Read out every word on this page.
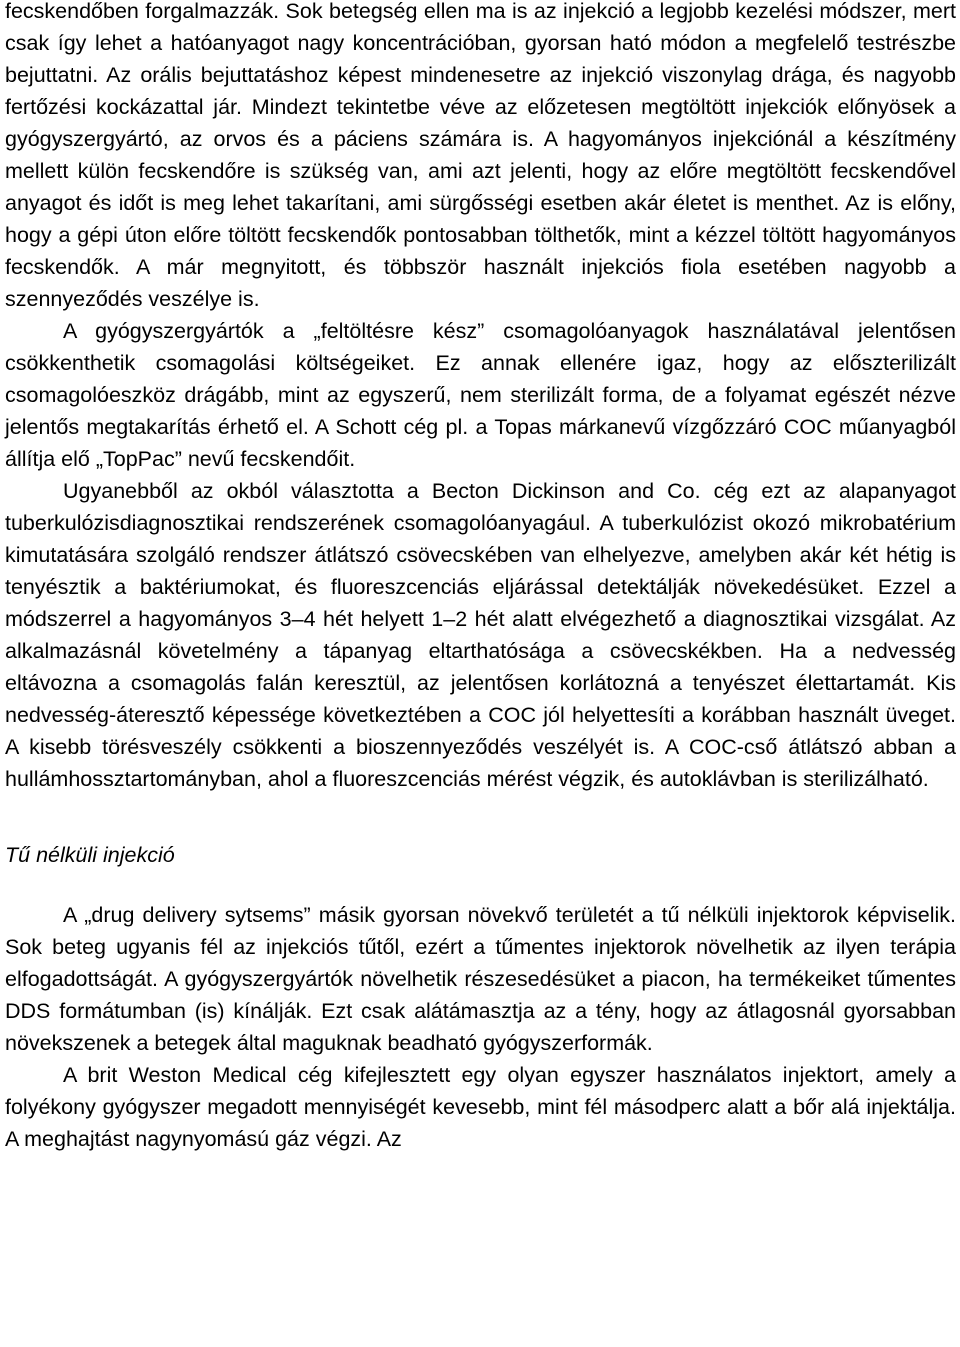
fecskendőben forgalmazzák. Sok betegség ellen ma is az injekció a legjobb kezelési módszer, mert csak így lehet a hatóanyagot nagy koncentrációban, gyorsan ható módon a megfelelő testrészbe bejuttatni. Az orális bejuttatáshoz képest mindenesetre az injekció viszonylag drága, és nagyobb fertőzési kockázattal jár. Mindezt tekintetbe véve az előzetesen megtöltött injekciók előnyösek a gyógyszergyártó, az orvos és a páciens számára is. A hagyományos injekciónál a készítmény mellett külön fecskendőre is szükség van, ami azt jelenti, hogy az előre megtöltött fecskendővel anyagot és időt is meg lehet takarítani, ami sürgősségi esetben akár életet is menthet. Az is előny, hogy a gépi úton előre töltött fecskendők pontosabban tölthetők, mint a kézzel töltött hagyományos fecskendők. A már megnyitott, és többször használt injekciós fiola esetében nagyobb a szennyeződés veszélye is.

A gyógyszergyártók a „feltöltésre kész” csomagolóanyagok használatával jelentősen csökkenthetik csomagolási költségeiket. Ez annak ellenére igaz, hogy az előszterilizált csomagolóeszköz drágább, mint az egyszerű, nem sterilizált forma, de a folyamat egészét nézve jelentős megtakarítás érhető el. A Schott cég pl. a Topas márkanevű vízgőzzáró COC műanyagból állítja elő „TopPac” nevű fecskendőit.

Ugyanebből az okból választotta a Becton Dickinson and Co. cég ezt az alapanyagot tuberkulózisdiagnosztikai rendszerének csomagolóanyagául. A tuberkulózist okozó mikrobatérium kimutatására szolgáló rendszer átlátszó csövecskében van elhelyezve, amelyben akár két hétig is tenyésztik a baktériumokat, és fluoreszcenciás eljárással detektálják növekedésüket. Ezzel a módszerrel a hagyományos 3–4 hét helyett 1–2 hét alatt elvégezhető a diagnosztikai vizsgálat. Az alkalmazásnál követelmény a tápanyag eltarthatósága a csövecskékben. Ha a nedvesség eltávozna a csomagolás falán keresztül, az jelentősen korlátozná a tenyészet élettartamát. Kis nedvesség-áteresztő képessége következtében a COC jól helyettesíti a korábban használt üveget. A kisebb törésveszély csökkenti a bioszennyeződés veszélyét is. A COC-cső átlátszó abban a hullámhossztartományban, ahol a fluoreszcenciás mérést végzik, és autoklávban is sterilizálható.

Tű nélküli injekció

A „drug delivery sytsems” másik gyorsan növekvő területét a tű nélküli injektorok képviselik. Sok beteg ugyanis fél az injekciós tűtől, ezért a tűmentes injektorok növelhetik az ilyen terápia elfogadottságát. A gyógyszergyártók növelhetik részesedésüket a piacon, ha termékeiket tűmentes DDS formátumban (is) kínálják. Ezt csak alátámasztja az a tény, hogy az átlagosnál gyorsabban növekszenek a betegek által maguknak beadható gyógyszerformák.

A brit Weston Medical cég kifejlesztett egy olyan egyszer használatos injektort, amely a folyékony gyógyszer megadott mennyiségét kevesebb, mint fél másodperc alatt a bőr alá injektálja. A meghajtást nagynyomású gáz végzi. Az
